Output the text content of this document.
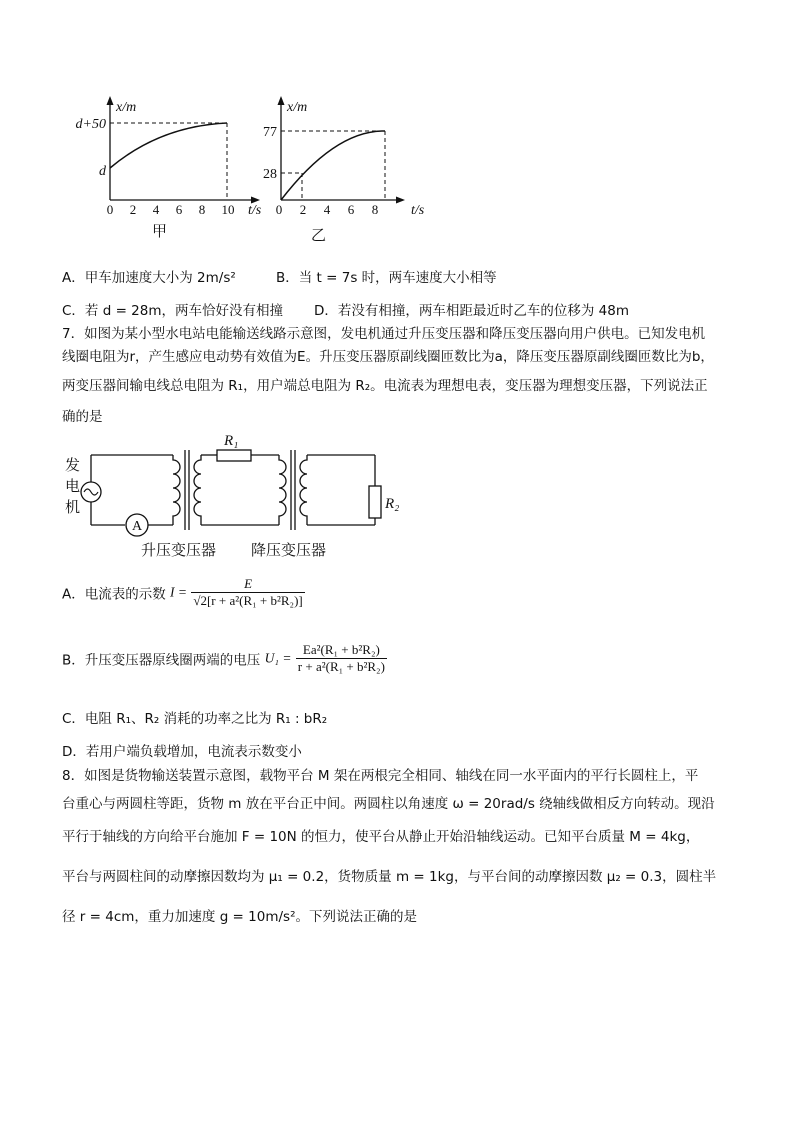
x/m
t/s
d+50
d
0 2 4 6 8 10
甲
x/m
t/s
77
28
0 2 4 6 8
乙
A．甲车加速度大小为 2m/s²	B．当 t = 7s 时，两车速度大小相等
C．若 d = 28m，两车恰好没有相撞 D．若没有相撞，两车相距最近时乙车的位移为 48m
7．如图为某小型水电站电能输送线路示意图，发电机通过升压变压器和降压变压器向用户供电。已知发电机
线圈电阻为r，产生感应电动势有效值为E。升压变压器原副线圈匝数比为a，降压变压器原副线圈匝数比为b，
两变压器间输电线总电阻为 R₁，用户端总电阻为 R₂。电流表为理想电表，变压器为理想变压器，下列说法正
确的是
发
电
机
A
R₁
R₂
升压变压器 降压变压器
A．电流表的示数 $I = \frac{E}{\text{√2[r + a²(R₁ + b²R₂)]}}$
B．升压变压器原线圈两端的电压 $U_1 = \frac{\text{Ea²(R₁ + b²R₂)}}{\text{r + a²(R₁ + b²R₂)}}$
C．电阻 R₁、R₂ 消耗的功率之比为 R₁ : bR₂
D．若用户端负载增加，电流表示数变小
8．如图是货物输送装置示意图，载物平台 M 架在两根完全相同、轴线在同一水平面内的平行长圆柱上，平
台重心与两圆柱等距，货物 m 放在平台正中间。两圆柱以角速度 ω = 20rad/s 绕轴线做相反方向转动。现沿
平行于轴线的方向给平台施加 F = 10N 的恒力，使平台从静止开始沿轴线运动。已知平台质量 M = 4kg，
平台与两圆柱间的动摩擦因数均为 μ₁ = 0.2，货物质量 m = 1kg，与平台间的动摩擦因数 μ₂ = 0.3，圆柱半
径 r = 4cm，重力加速度 g = 10m/s²。下列说法正确的是
